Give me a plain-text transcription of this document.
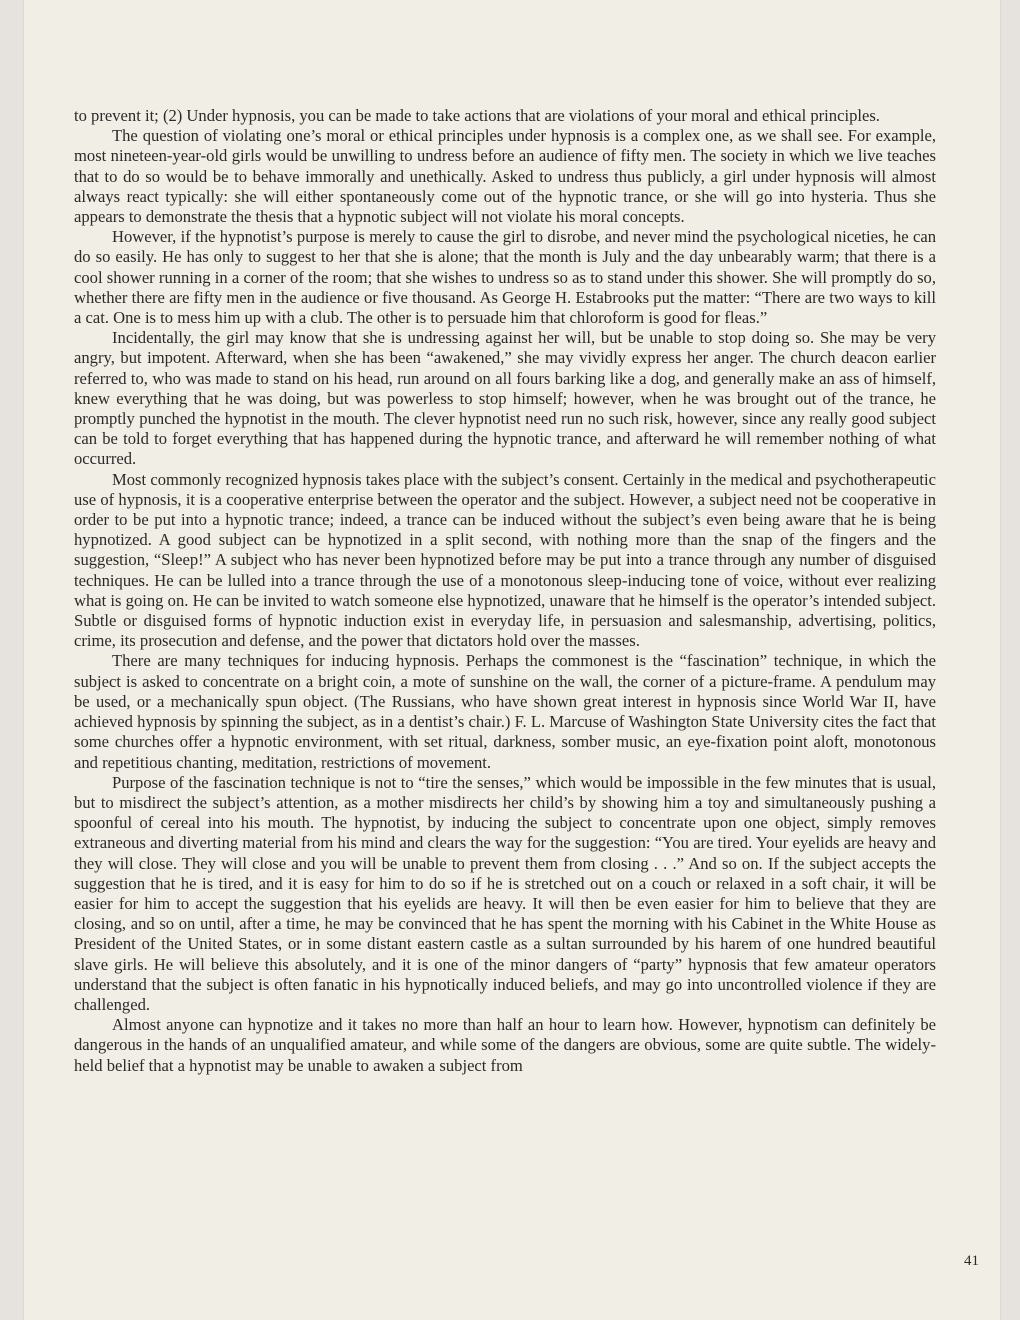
to prevent it; (2) Under hypnosis, you can be made to take actions that are violations of your moral and ethical principles.

The question of violating one’s moral or ethical principles under hypnosis is a complex one, as we shall see. For example, most nineteen-year-old girls would be unwilling to undress before an audience of fifty men. The society in which we live teaches that to do so would be to behave immorally and unethically. Asked to undress thus publicly, a girl under hypnosis will almost always react typically: she will either spontaneously come out of the hypnotic trance, or she will go into hysteria. Thus she appears to demonstrate the thesis that a hypnotic subject will not violate his moral concepts.

However, if the hypnotist’s purpose is merely to cause the girl to disrobe, and never mind the psychological niceties, he can do so easily. He has only to suggest to her that she is alone; that the month is July and the day unbearably warm; that there is a cool shower running in a corner of the room; that she wishes to undress so as to stand under this shower. She will promptly do so, whether there are fifty men in the audience or five thousand. As George H. Estabrooks put the matter: “There are two ways to kill a cat. One is to mess him up with a club. The other is to persuade him that chloroform is good for fleas.”

Incidentally, the girl may know that she is undressing against her will, but be unable to stop doing so. She may be very angry, but impotent. Afterward, when she has been “awakened,” she may vividly express her anger. The church deacon earlier referred to, who was made to stand on his head, run around on all fours barking like a dog, and generally make an ass of himself, knew everything that he was doing, but was powerless to stop himself; however, when he was brought out of the trance, he promptly punched the hypnotist in the mouth. The clever hypnotist need run no such risk, however, since any really good subject can be told to forget everything that has happened during the hypnotic trance, and afterward he will remember nothing of what occurred.

Most commonly recognized hypnosis takes place with the subject’s consent. Certainly in the medical and psychotherapeutic use of hypnosis, it is a cooperative enterprise between the operator and the subject. However, a subject need not be cooperative in order to be put into a hypnotic trance; indeed, a trance can be induced without the subject’s even being aware that he is being hypnotized. A good subject can be hypnotized in a split second, with nothing more than the snap of the fingers and the suggestion, “Sleep!” A subject who has never been hypnotized before may be put into a trance through any number of disguised techniques. He can be lulled into a trance through the use of a monotonous sleep-inducing tone of voice, without ever realizing what is going on. He can be invited to watch someone else hypnotized, unaware that he himself is the operator’s intended subject. Subtle or disguised forms of hypnotic induction exist in everyday life, in persuasion and salesmanship, advertising, politics, crime, its prosecution and defense, and the power that dictators hold over the masses.

There are many techniques for inducing hypnosis. Perhaps the commonest is the “fascination” technique, in which the subject is asked to concentrate on a bright coin, a mote of sunshine on the wall, the corner of a picture-frame. A pendulum may be used, or a mechanically spun object. (The Russians, who have shown great interest in hypnosis since World War II, have achieved hypnosis by spinning the subject, as in a dentist’s chair.) F. L. Marcuse of Washington State University cites the fact that some churches offer a hypnotic environment, with set ritual, darkness, somber music, an eye-fixation point aloft, monotonous and repetitious chanting, meditation, restrictions of movement.

Purpose of the fascination technique is not to “tire the senses,” which would be impossible in the few minutes that is usual, but to misdirect the subject’s attention, as a mother misdirects her child’s by showing him a toy and simultaneously pushing a spoonful of cereal into his mouth. The hypnotist, by inducing the subject to concentrate upon one object, simply removes extraneous and diverting material from his mind and clears the way for the suggestion: “You are tired. Your eyelids are heavy and they will close. They will close and you will be unable to prevent them from closing . . .” And so on. If the subject accepts the suggestion that he is tired, and it is easy for him to do so if he is stretched out on a couch or relaxed in a soft chair, it will be easier for him to accept the suggestion that his eyelids are heavy. It will then be even easier for him to believe that they are closing, and so on until, after a time, he may be convinced that he has spent the morning with his Cabinet in the White House as President of the United States, or in some distant eastern castle as a sultan surrounded by his harem of one hundred beautiful slave girls. He will believe this absolutely, and it is one of the minor dangers of “party” hypnosis that few amateur operators understand that the subject is often fanatic in his hypnotically induced beliefs, and may go into uncontrolled violence if they are challenged.

Almost anyone can hypnotize and it takes no more than half an hour to learn how. However, hypnotism can definitely be dangerous in the hands of an unqualified amateur, and while some of the dangers are obvious, some are quite subtle. The widely-held belief that a hypnotist may be unable to awaken a subject from

41
